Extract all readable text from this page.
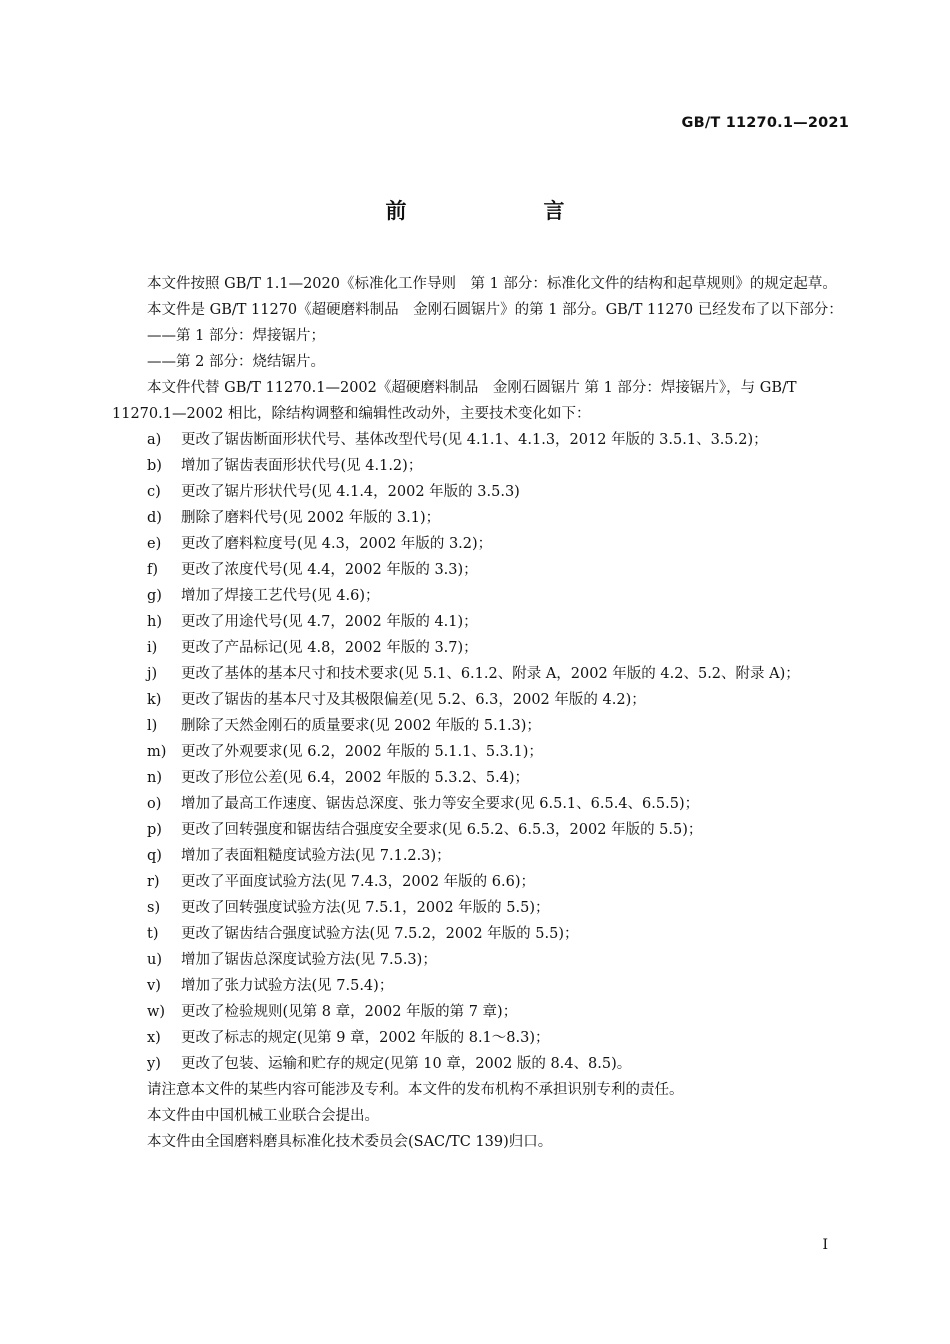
GB/T 11270.1—2021
前　言

本文件按照 GB/T 1.1—2020《标准化工作导则　第 1 部分：标准化文件的结构和起草规则》的规定起草。

本文件是 GB/T 11270《超硬磨料制品　金刚石圆锯片》的第 1 部分。GB/T 11270 已经发布了以下部分：

——第 1 部分：焊接锯片；
——第 2 部分：烧结锯片。

本文件代替 GB/T 11270.1—2002《超硬磨料制品　金刚石圆锯片 第 1 部分：焊接锯片》，与 GB/T 11270.1—2002 相比，除结构调整和编辑性改动外，主要技术变化如下：

a)	更改了锯齿断面形状代号、基体改型代号(见 4.1.1、4.1.3，2012 年版的 3.5.1、3.5.2)；
b)	增加了锯齿表面形状代号(见 4.1.2)；
c)	更改了锯片形状代号(见 4.1.4，2002 年版的 3.5.3)
d)	删除了磨料代号(见 2002 年版的 3.1)；
e)	更改了磨料粒度号(见 4.3，2002 年版的 3.2)；
f)	更改了浓度代号(见 4.4，2002 年版的 3.3)；
g)	增加了焊接工艺代号(见 4.6)；
h)	更改了用途代号(见 4.7，2002 年版的 4.1)；
i)	更改了产品标记(见 4.8，2002 年版的 3.7)；
j)	更改了基体的基本尺寸和技术要求(见 5.1、6.1.2、附录 A，2002 年版的 4.2、5.2、附录 A)；
k)	更改了锯齿的基本尺寸及其极限偏差(见 5.2、6.3，2002 年版的 4.2)；
l)	删除了天然金刚石的质量要求(见 2002 年版的 5.1.3)；
m)	更改了外观要求(见 6.2，2002 年版的 5.1.1、5.3.1)；
n)	更改了形位公差(见 6.4，2002 年版的 5.3.2、5.4)；
o)	增加了最高工作速度、锯齿总深度、张力等安全要求(见 6.5.1、6.5.4、6.5.5)；
p)	更改了回转强度和锯齿结合强度安全要求(见 6.5.2、6.5.3，2002 年版的 5.5)；
q)	增加了表面粗糙度试验方法(见 7.1.2.3)；
r)	更改了平面度试验方法(见 7.4.3，2002 年版的 6.6)；
s)	更改了回转强度试验方法(见 7.5.1，2002 年版的 5.5)；
t)	更改了锯齿结合强度试验方法(见 7.5.2，2002 年版的 5.5)；
u)	增加了锯齿总深度试验方法(见 7.5.3)；
v)	增加了张力试验方法(见 7.5.4)；
w)	更改了检验规则(见第 8 章，2002 年版的第 7 章)；
x)	更改了标志的规定(见第 9 章，2002 年版的 8.1～8.3)；
y)	更改了包装、运输和贮存的规定(见第 10 章，2002 版的 8.4、8.5)。

请注意本文件的某些内容可能涉及专利。本文件的发布机构不承担识别专利的责任。

本文件由中国机械工业联合会提出。

本文件由全国磨料磨具标准化技术委员会(SAC/TC 139)归口。

I
